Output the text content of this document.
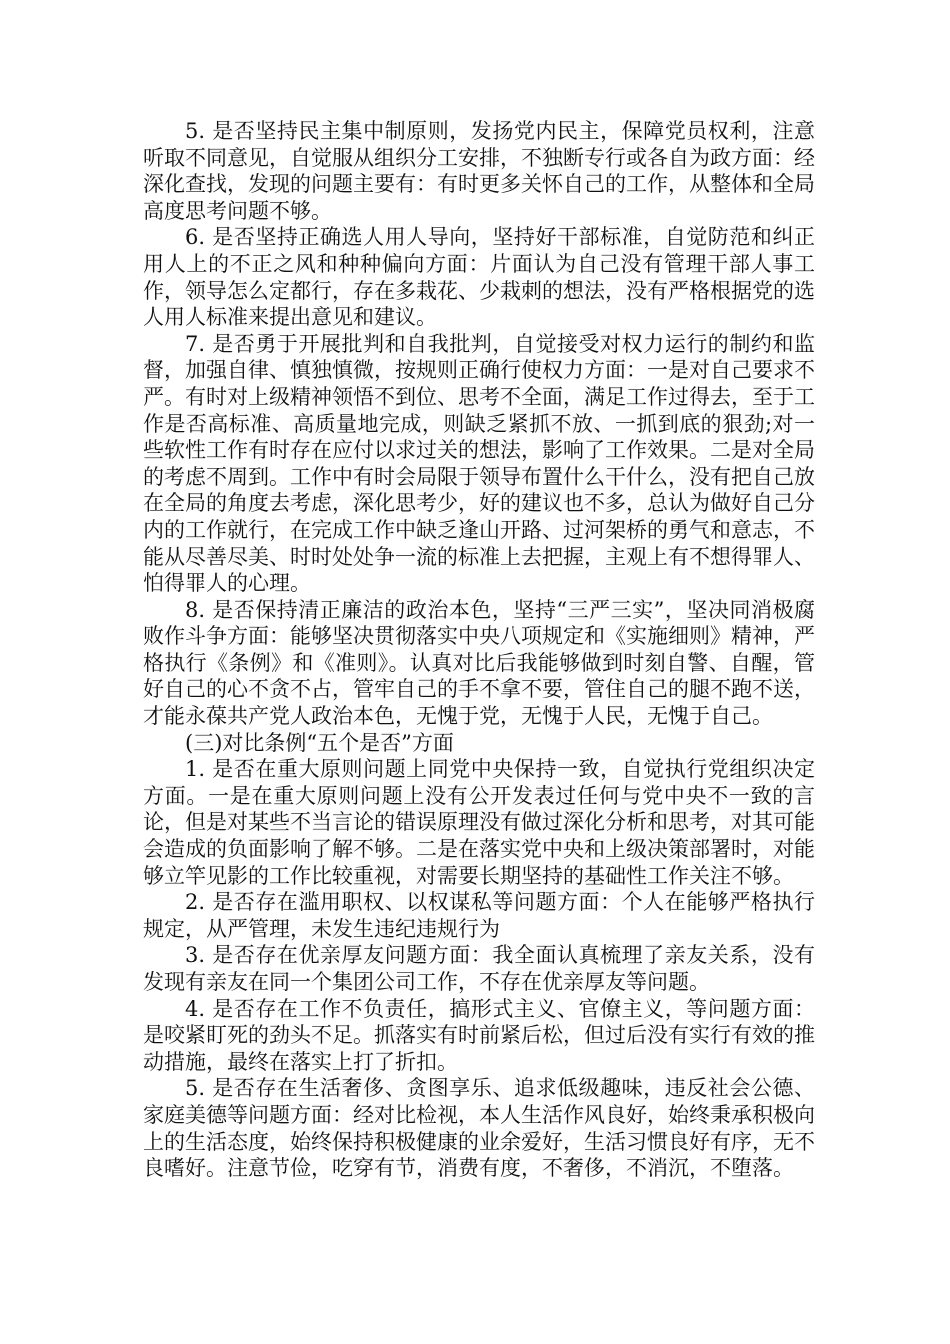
5. 是否坚持民主集中制原则，发扬党内民主，保障党员权利，注意听取不同意见，自觉服从组织分工安排，不独断专行或各自为政方面：经深化查找，发现的问题主要有：有时更多关怀自己的工作，从整体和全局高度思考问题不够。

6. 是否坚持正确选人用人导向，坚持好干部标准，自觉防范和纠正用人上的不正之风和种种偏向方面：片面认为自己没有管理干部人事工作，领导怎么定都行，存在多栽花、少栽刺的想法，没有严格根据党的选人用人标准来提出意见和建议。

7. 是否勇于开展批判和自我批判，自觉接受对权力运行的制约和监督，加强自律、慎独慎微，按规则正确行使权力方面：一是对自己要求不严。有时对上级精神领悟不到位、思考不全面，满足工作过得去，至于工作是否高标准、高质量地完成，则缺乏紧抓不放、一抓到底的狠劲;对一些软性工作有时存在应付以求过关的想法，影响了工作效果。二是对全局的考虑不周到。工作中有时会局限于领导布置什么干什么，没有把自己放在全局的角度去考虑，深化思考少，好的建议也不多，总认为做好自己分内的工作就行，在完成工作中缺乏逢山开路、过河架桥的勇气和意志，不能从尽善尽美、时时处处争一流的标准上去把握，主观上有不想得罪人、怕得罪人的心理。

8. 是否保持清正廉洁的政治本色，坚持“三严三实”，坚决同消极腐败作斗争方面：能够坚决贯彻落实中央八项规定和《实施细则》精神，严格执行《条例》和《准则》。认真对比后我能够做到时刻自警、自醒，管好自己的心不贪不占，管牢自己的手不拿不要，管住自己的腿不跑不送，才能永葆共产党人政治本色，无愧于党，无愧于人民，无愧于自己。

(三)对比条例“五个是否”方面

1. 是否在重大原则问题上同党中央保持一致，自觉执行党组织决定方面。一是在重大原则问题上没有公开发表过任何与党中央不一致的言论，但是对某些不当言论的错误原理没有做过深化分析和思考，对其可能会造成的负面影响了解不够。二是在落实党中央和上级决策部署时，对能够立竿见影的工作比较重视，对需要长期坚持的基础性工作关注不够。

2. 是否存在滥用职权、以权谋私等问题方面：个人在能够严格执行规定，从严管理，未发生违纪违规行为

3. 是否存在优亲厚友问题方面：我全面认真梳理了亲友关系，没有发现有亲友在同一个集团公司工作，不存在优亲厚友等问题。

4. 是否存在工作不负责任，搞形式主义、官僚主义，等问题方面：是咬紧盯死的劲头不足。抓落实有时前紧后松，但过后没有实行有效的推动措施，最终在落实上打了折扣。

5. 是否存在生活奢侈、贪图享乐、追求低级趣味，违反社会公德、家庭美德等问题方面：经对比检视，本人生活作风良好，始终秉承积极向上的生活态度，始终保持积极健康的业余爱好，生活习惯良好有序，无不良嗜好。注意节俭，吃穿有节，消费有度，不奢侈，不消沉，不堕落。
